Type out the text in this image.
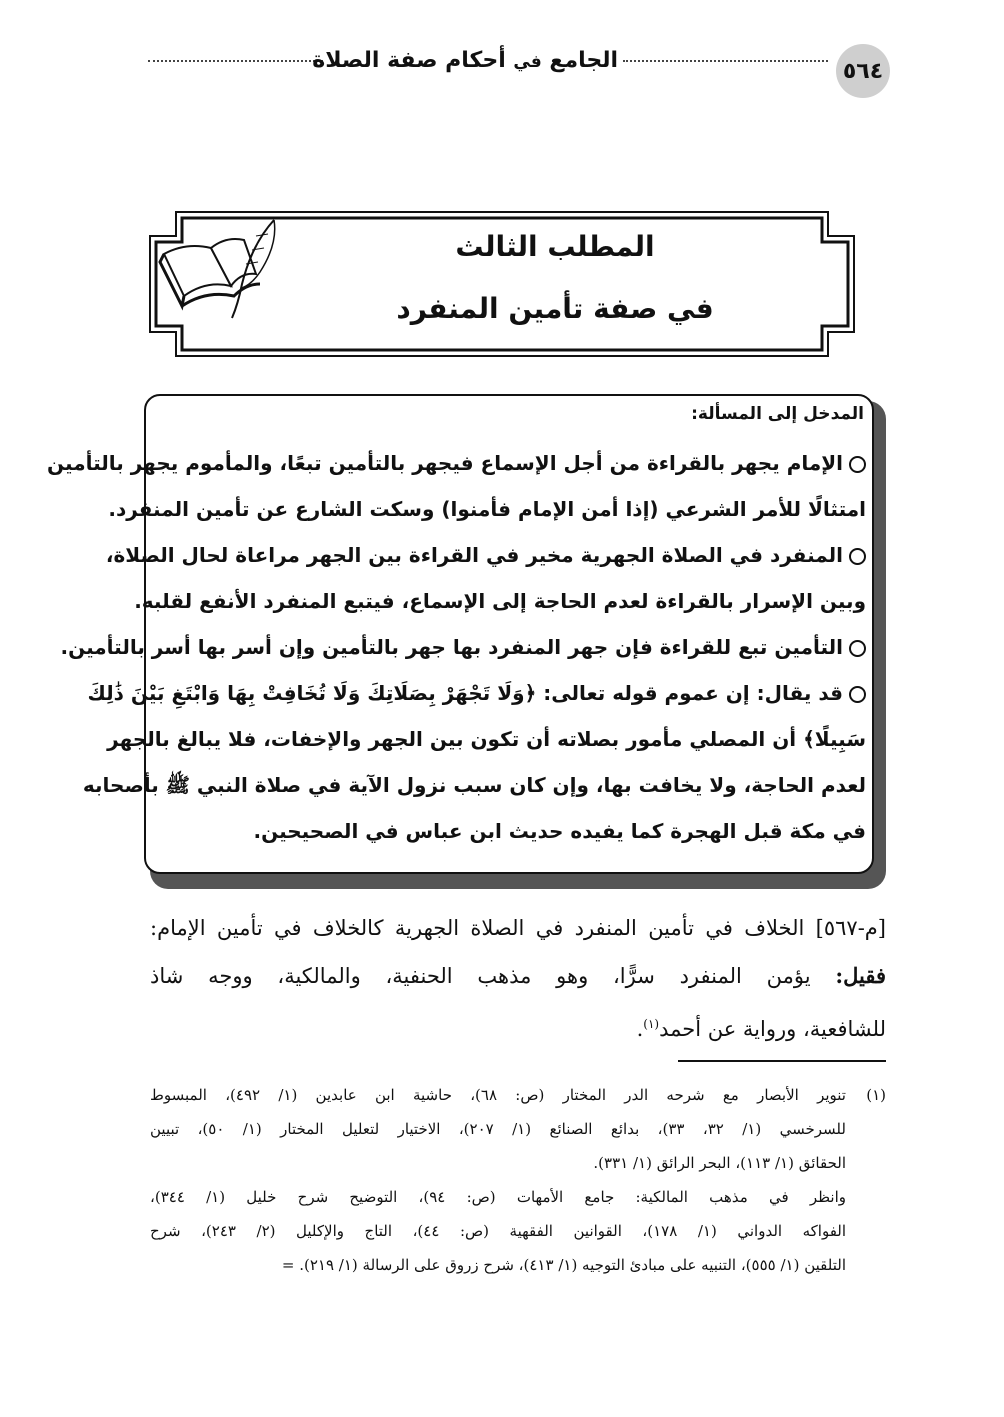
٥٦٤
الجامع في أحكام صفة الصلاة
المطلب الثالث
في صفة تأمين المنفرد
المدخل إلى المسألة:
الإمام يجهر بالقراءة من أجل الإسماع فيجهر بالتأمين تبعًا، والمأموم يجهر بالتأمين
امتثالًا للأمر الشرعي (إذا أمن الإمام فأمنوا) وسكت الشارع عن تأمين المنفرد.
المنفرد في الصلاة الجهرية مخير في القراءة بين الجهر مراعاة لحال الصلاة،
وبين الإسرار بالقراءة لعدم الحاجة إلى الإسماع، فيتبع المنفرد الأنفع لقلبه.
التأمين تبع للقراءة فإن جهر المنفرد بها جهر بالتأمين وإن أسر بها أسر بالتأمين.
قد يقال: إن عموم قوله تعالى: ﴿وَلَا تَجْهَرْ بِصَلَاتِكَ وَلَا تُخَافِتْ بِهَا وَابْتَغِ بَيْنَ ذَٰلِكَ
سَبِيلًا﴾ أن المصلي مأمور بصلاته أن تكون بين الجهر والإخفات، فلا يبالغ بالجهر
لعدم الحاجة، ولا يخافت بها، وإن كان سبب نزول الآية في صلاة النبي ﷺ بأصحابه
في مكة قبل الهجرة كما يفيده حديث ابن عباس في الصحيحين.
[م-٥٦٧] الخلاف في تأمين المنفرد في الصلاة الجهرية كالخلاف في تأمين الإمام:
فقيل: يؤمن المنفرد سرًّا، وهو مذهب الحنفية، والمالكية، ووجه شاذ
للشافعية، ورواية عن أحمد$^{(١)}$.
(١)تنوير الأبصار مع شرحه الدر المختار (ص: ٦٨)، حاشية ابن عابدين (١/ ٤٩٢)، المبسوط
للسرخسي (١/ ٣٢، ٣٣)، بدائع الصنائع (١/ ٢٠٧)، الاختيار لتعليل المختار (١/ ٥٠)، تبيين
الحقائق (١/ ١١٣)، البحر الرائق (١/ ٣٣١).
وانظر في مذهب المالكية: جامع الأمهات (ص: ٩٤)، التوضيح شرح خليل (١/ ٣٤٤)،
الفواكه الدواني (١/ ١٧٨)، القوانين الفقهية (ص: ٤٤)، التاج والإكليل (٢/ ٢٤٣)، شرح
التلقين (١/ ٥٥٥)، التنبيه على مبادئ التوجيه (١/ ٤١٣)، شرح زروق على الرسالة (١/ ٢١٩). =
